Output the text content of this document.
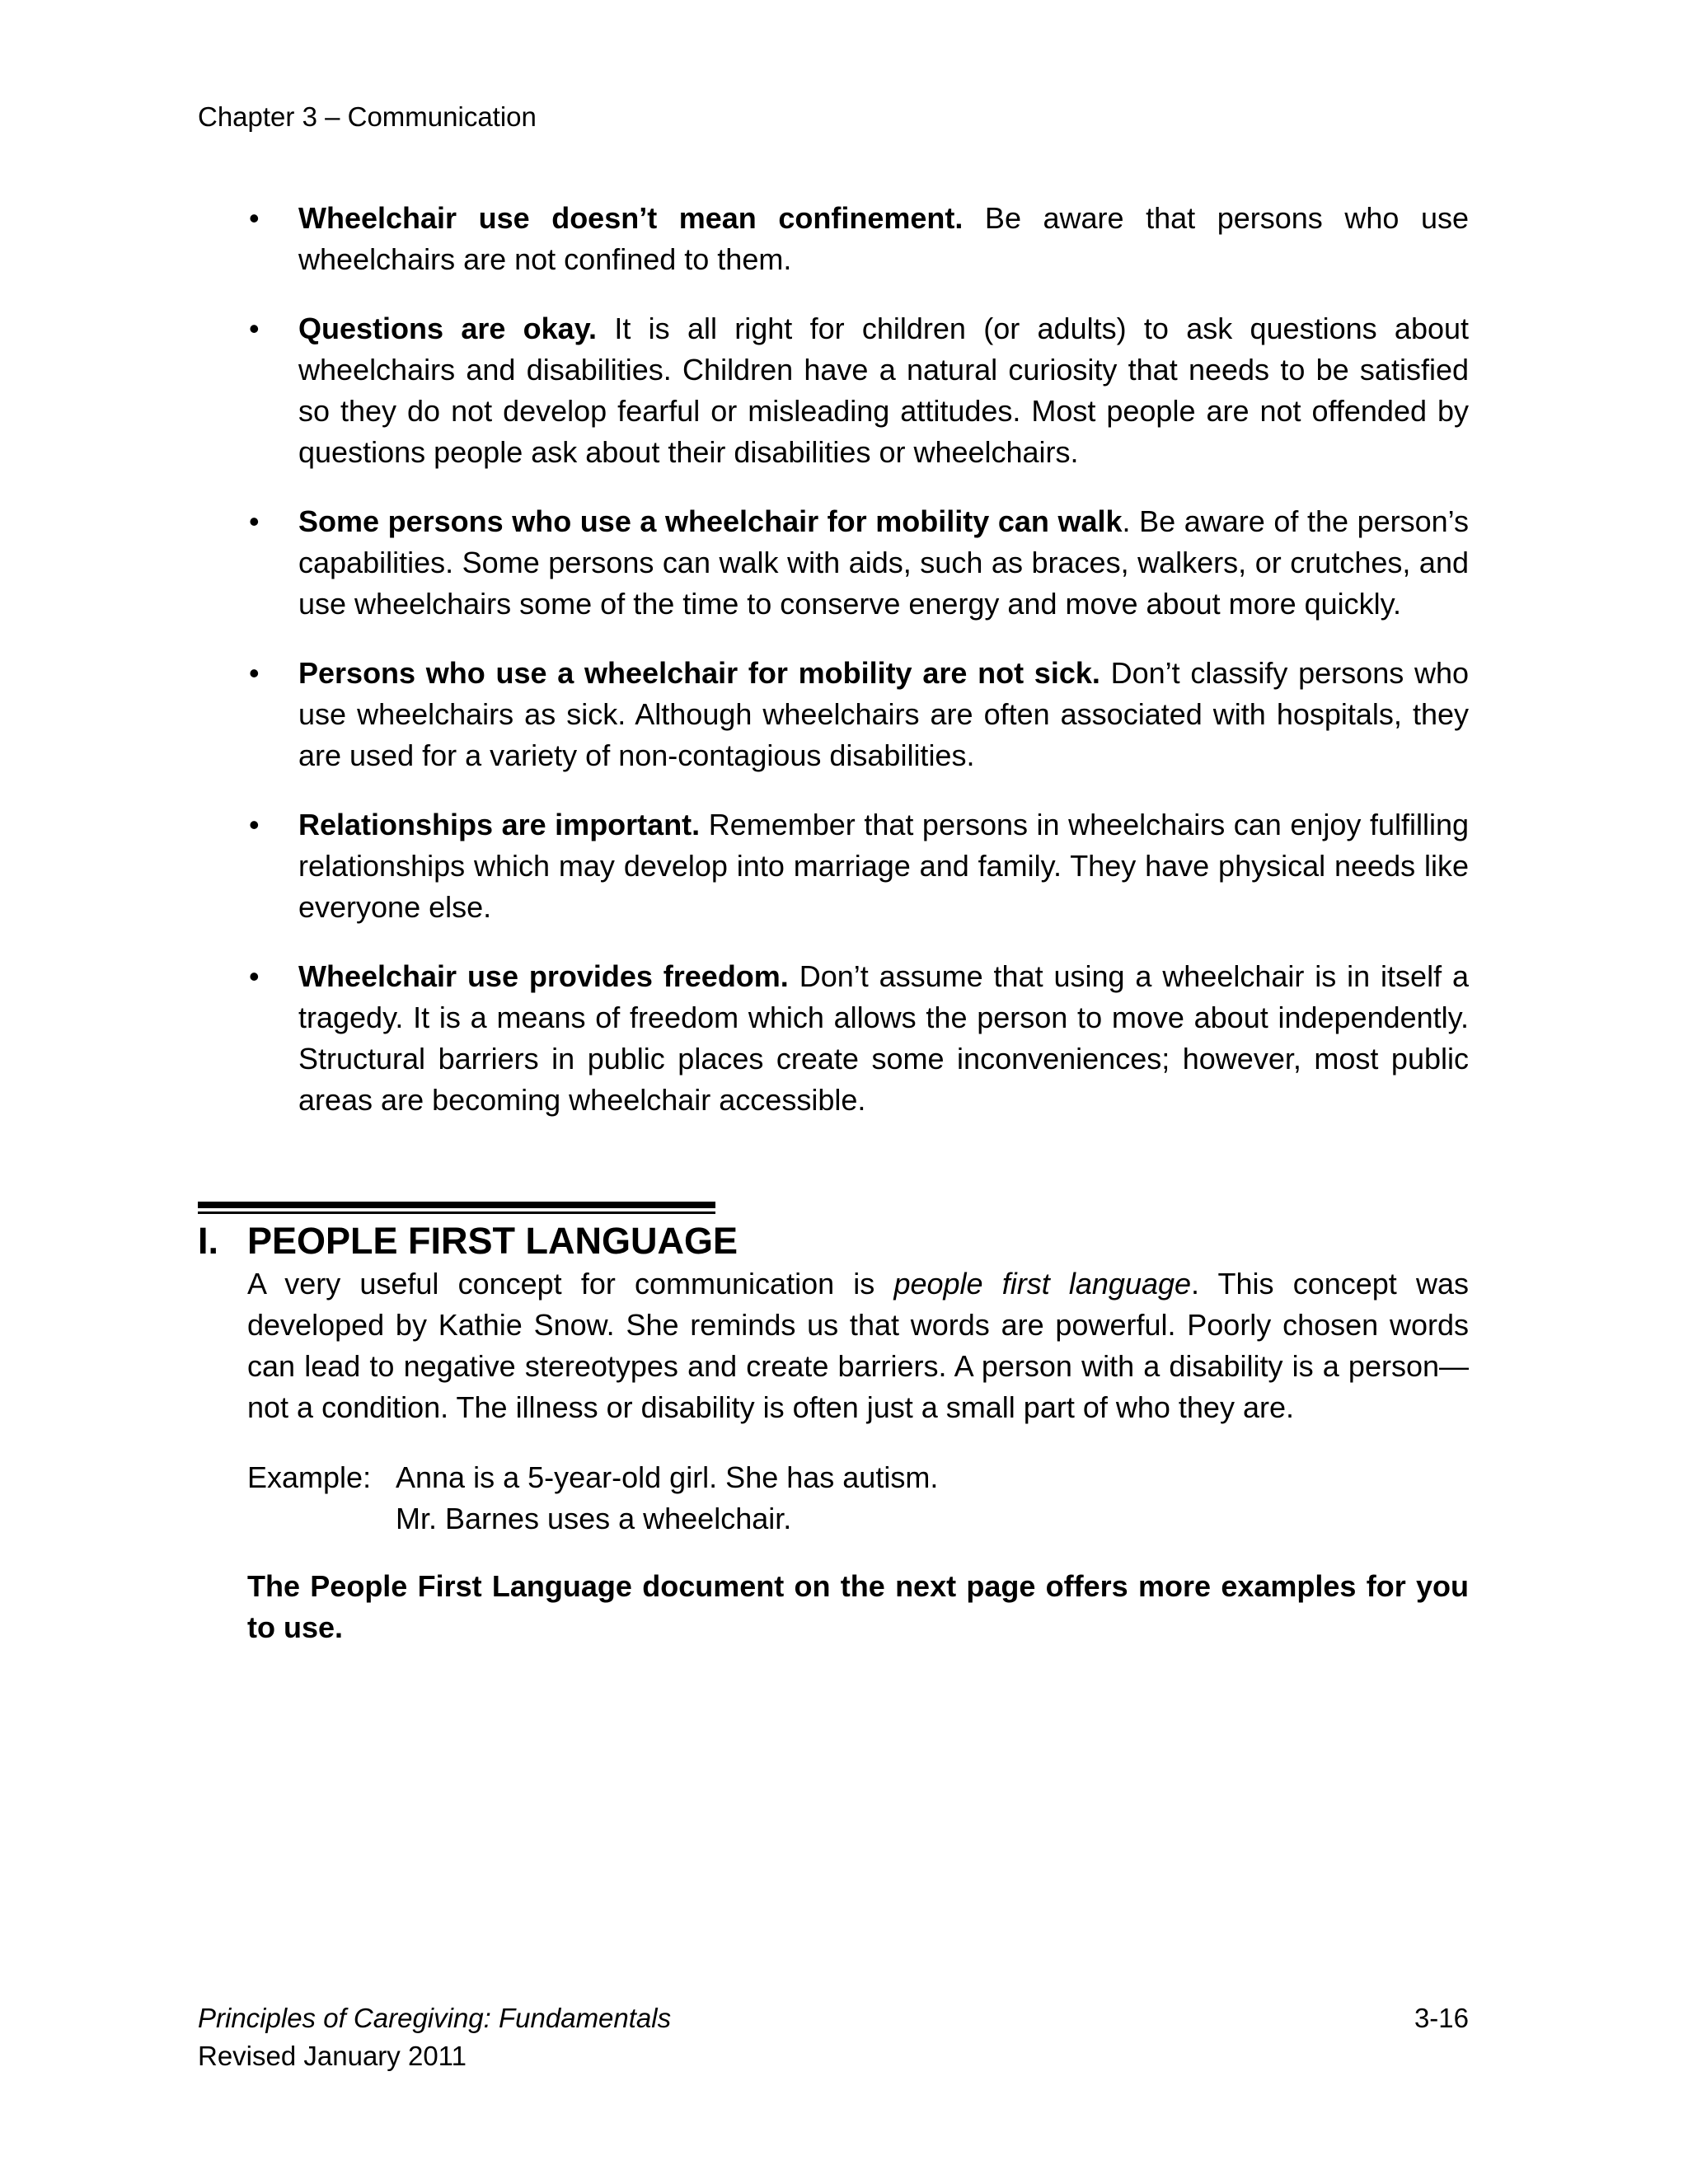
Chapter 3 – Communication
• Wheelchair use doesn’t mean confinement. Be aware that persons who use wheelchairs are not confined to them.
• Questions are okay. It is all right for children (or adults) to ask questions about wheelchairs and disabilities. Children have a natural curiosity that needs to be satisfied so they do not develop fearful or misleading attitudes. Most people are not offended by questions people ask about their disabilities or wheelchairs.
• Some persons who use a wheelchair for mobility can walk. Be aware of the person’s capabilities. Some persons can walk with aids, such as braces, walkers, or crutches, and use wheelchairs some of the time to conserve energy and move about more quickly.
• Persons who use a wheelchair for mobility are not sick. Don’t classify persons who use wheelchairs as sick. Although wheelchairs are often associated with hospitals, they are used for a variety of non-contagious disabilities.
• Relationships are important. Remember that persons in wheelchairs can enjoy fulfilling relationships which may develop into marriage and family. They have physical needs like everyone else.
• Wheelchair use provides freedom. Don’t assume that using a wheelchair is in itself a tragedy. It is a means of freedom which allows the person to move about independently. Structural barriers in public places create some inconveniences; however, most public areas are becoming wheelchair accessible.
I. PEOPLE FIRST LANGUAGE
A very useful concept for communication is people first language. This concept was developed by Kathie Snow. She reminds us that words are powerful. Poorly chosen words can lead to negative stereotypes and create barriers. A person with a disability is a person—not a condition. The illness or disability is often just a small part of who they are.
Example: Anna is a 5-year-old girl. She has autism.
Mr. Barnes uses a wheelchair.
The People First Language document on the next page offers more examples for you to use.
Principles of Caregiving: Fundamentals
Revised January 2011
3-16
